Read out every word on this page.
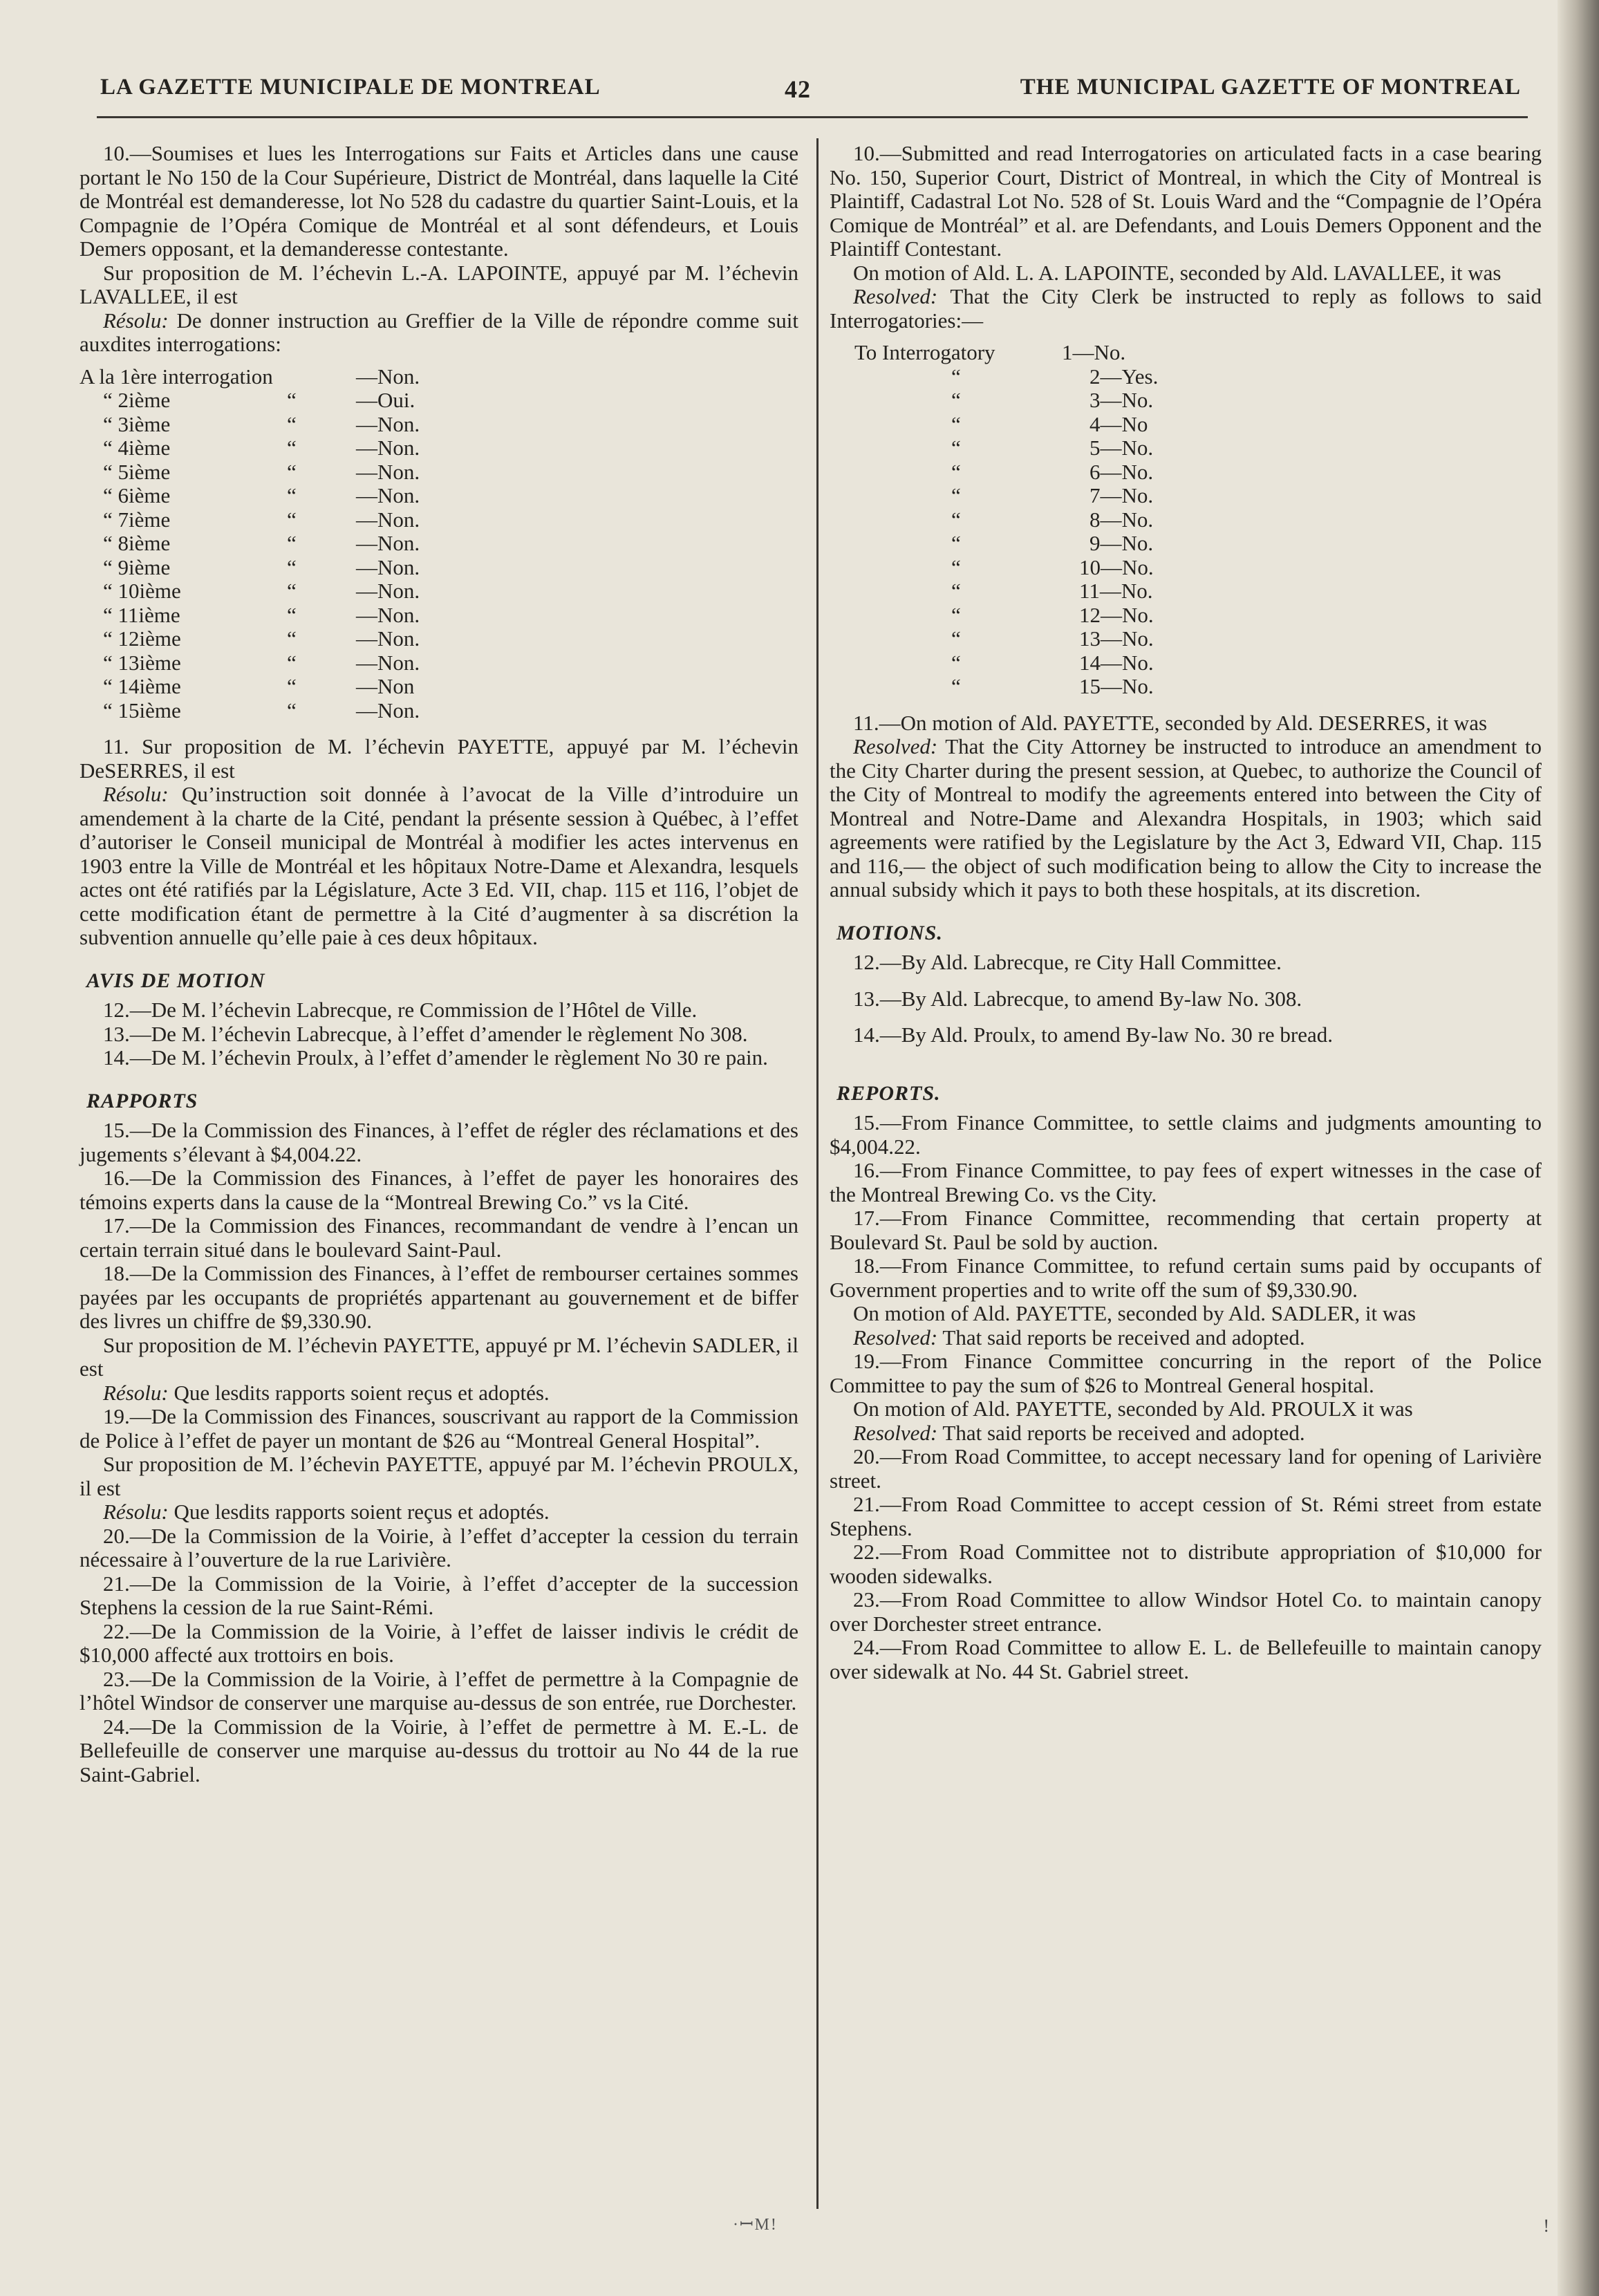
LA GAZETTE MUNICIPALE DE MONTREAL	42	THE MUNICIPAL GAZETTE OF MONTREAL

10.—Soumises et lues les Interrogations sur Faits et Articles dans une cause portant le No 150 de la Cour Supérieure, District de Montréal, dans laquelle la Cité de Montréal est demanderesse, lot No 528 du cadastre du quartier Saint-Louis, et la Compagnie de l’Opéra Comique de Montréal et al sont défendeurs, et Louis Demers opposant, et la demanderesse contestante.

Sur proposition de M. l’échevin L.-A. LAPOINTE, appuyé par M. l’échevin LAVALLEE, il est

Résolu: De donner instruction au Greffier de la Ville de répondre comme suit auxdites interrogations:

A la 1ère interrogation	—Non.
“ 2ième	“	—Oui.
“ 3ième	“	—Non.
“ 4ième	“	—Non.
“ 5ième	“	—Non.
“ 6ième	“	—Non.
“ 7ième	“	—Non.
“ 8ième	“	—Non.
“ 9ième	“	—Non.
“ 10ième	“	—Non.
“ 11ième	“	—Non.
“ 12ième	“	—Non.
“ 13ième	“	—Non.
“ 14ième	“	—Non
“ 15ième	“	—Non.

11. Sur proposition de M. l’échevin PAYETTE, appuyé par M. l’échevin DeSERRES, il est

Résolu: Qu’instruction soit donnée à l’avocat de la Ville d’introduire un amendement à la charte de la Cité, pendant la présente session à Québec, à l’effet d’autoriser le Conseil municipal de Montréal à modifier les actes intervenus en 1903 entre la Ville de Montréal et les hôpitaux Notre-Dame et Alexandra, lesquels actes ont été ratifiés par la Législature, Acte 3 Ed. VII, chap. 115 et 116, l’objet de cette modification étant de permettre à la Cité d’augmenter à sa discrétion la subvention annuelle qu’elle paie à ces deux hôpitaux.

AVIS DE MOTION

12.—De M. l’échevin Labrecque, re Commission de l’Hôtel de Ville.

13.—De M. l’échevin Labrecque, à l’effet d’amender le règlement No 308.

14.—De M. l’échevin Proulx, à l’effet d’amender le règlement No 30 re pain.

RAPPORTS

15.—De la Commission des Finances, à l’effet de régler des réclamations et des jugements s’élevant à $4,004.22.

16.—De la Commission des Finances, à l’effet de payer les honoraires des témoins experts dans la cause de la “Montreal Brewing Co.” vs la Cité.

17.—De la Commission des Finances, recommandant de vendre à l’encan un certain terrain situé dans le boulevard Saint-Paul.

18.—De la Commission des Finances, à l’effet de rembourser certaines sommes payées par les occupants de propriétés appartenant au gouvernement et de biffer des livres un chiffre de $9,330.90.

Sur proposition de M. l’échevin PAYETTE, appuyé pr M. l’échevin SADLER, il est

Résolu: Que lesdits rapports soient reçus et adoptés.

19.—De la Commission des Finances, souscrivant au rapport de la Commission de Police à l’effet de payer un montant de $26 au “Montreal General Hospital”.

Sur proposition de M. l’échevin PAYETTE, appuyé par M. l’échevin PROULX, il est

Résolu: Que lesdits rapports soient reçus et adoptés.

20.—De la Commission de la Voirie, à l’effet d’accepter la cession du terrain nécessaire à l’ouverture de la rue Larivière.

21.—De la Commission de la Voirie, à l’effet d’accepter de la succession Stephens la cession de la rue Saint-Rémi.

22.—De la Commission de la Voirie, à l’effet de laisser indivis le crédit de $10,000 affecté aux trottoirs en bois.

23.—De la Commission de la Voirie, à l’effet de permettre à la Compagnie de l’hôtel Windsor de conserver une marquise au-dessus de son entrée, rue Dorchester.

24.—De la Commission de la Voirie, à l’effet de permettre à M. E.-L. de Bellefeuille de conserver une marquise au-dessus du trottoir au No 44 de la rue Saint-Gabriel.

10.—Submitted and read Interrogatories on articulated facts in a case bearing No. 150, Superior Court, District of Montreal, in which the City of Montreal is Plaintiff, Cadastral Lot No. 528 of St. Louis Ward and the “Compagnie de l’Opéra Comique de Montréal” et al. are Defendants, and Louis Demers Opponent and the Plaintiff Contestant.

On motion of Ald. L. A. LAPOINTE, seconded by Ald. LAVALLEE, it was

Resolved: That the City Clerk be instructed to reply as follows to said Interrogatories:—

To Interrogatory	1—No.
“	2—Yes.
“	3—No.
“	4—No
“	5—No.
“	6—No.
“	7—No.
“	8—No.
“	9—No.
“	10—No.
“	11—No.
“	12—No.
“	13—No.
“	14—No.
“	15—No.

11.—On motion of Ald. PAYETTE, seconded by Ald. DESERRES, it was

Resolved: That the City Attorney be instructed to introduce an amendment to the City Charter during the present session, at Quebec, to authorize the Council of the City of Montreal to modify the agreements entered into between the City of Montreal and Notre-Dame and Alexandra Hospitals, in 1903; which said agreements were ratified by the Legislature by the Act 3, Edward VII, Chap. 115 and 116,— the object of such modification being to allow the City to increase the annual subsidy which it pays to both these hospitals, at its discretion.

MOTIONS.

12.—By Ald. Labrecque, re City Hall Committee.

13.—By Ald. Labrecque, to amend By-law No. 308.

14.—By Ald. Proulx, to amend By-law No. 30 re bread.

REPORTS.

15.—From Finance Committee, to settle claims and judgments amounting to $4,004.22.

16.—From Finance Committee, to pay fees of expert witnesses in the case of the Montreal Brewing Co. vs the City.

17.—From Finance Committee, recommending that certain property at Boulevard St. Paul be sold by auction.

18.—From Finance Committee, to refund certain sums paid by occupants of Government properties and to write off the sum of $9,330.90.

On motion of Ald. PAYETTE, seconded by Ald. SADLER, it was

Resolved: That said reports be received and adopted.

19.—From Finance Committee concurring in the report of the Police Committee to pay the sum of $26 to Montreal General hospital.

On motion of Ald. PAYETTE, seconded by Ald. PROULX it was

Resolved: That said reports be received and adopted.

20.—From Road Committee, to accept necessary land for opening of Larivière street.

21.—From Road Committee to accept cession of St. Rémi street from estate Stephens.

22.—From Road Committee not to distribute appropriation of $10,000 for wooden sidewalks.

23.—From Road Committee to allow Windsor Hotel Co. to maintain canopy over Dorchester street entrance.

24.—From Road Committee to allow E. L. de Bellefeuille to maintain canopy over sidewalk at No. 44 St. Gabriel street.

·ꟷM!	!
